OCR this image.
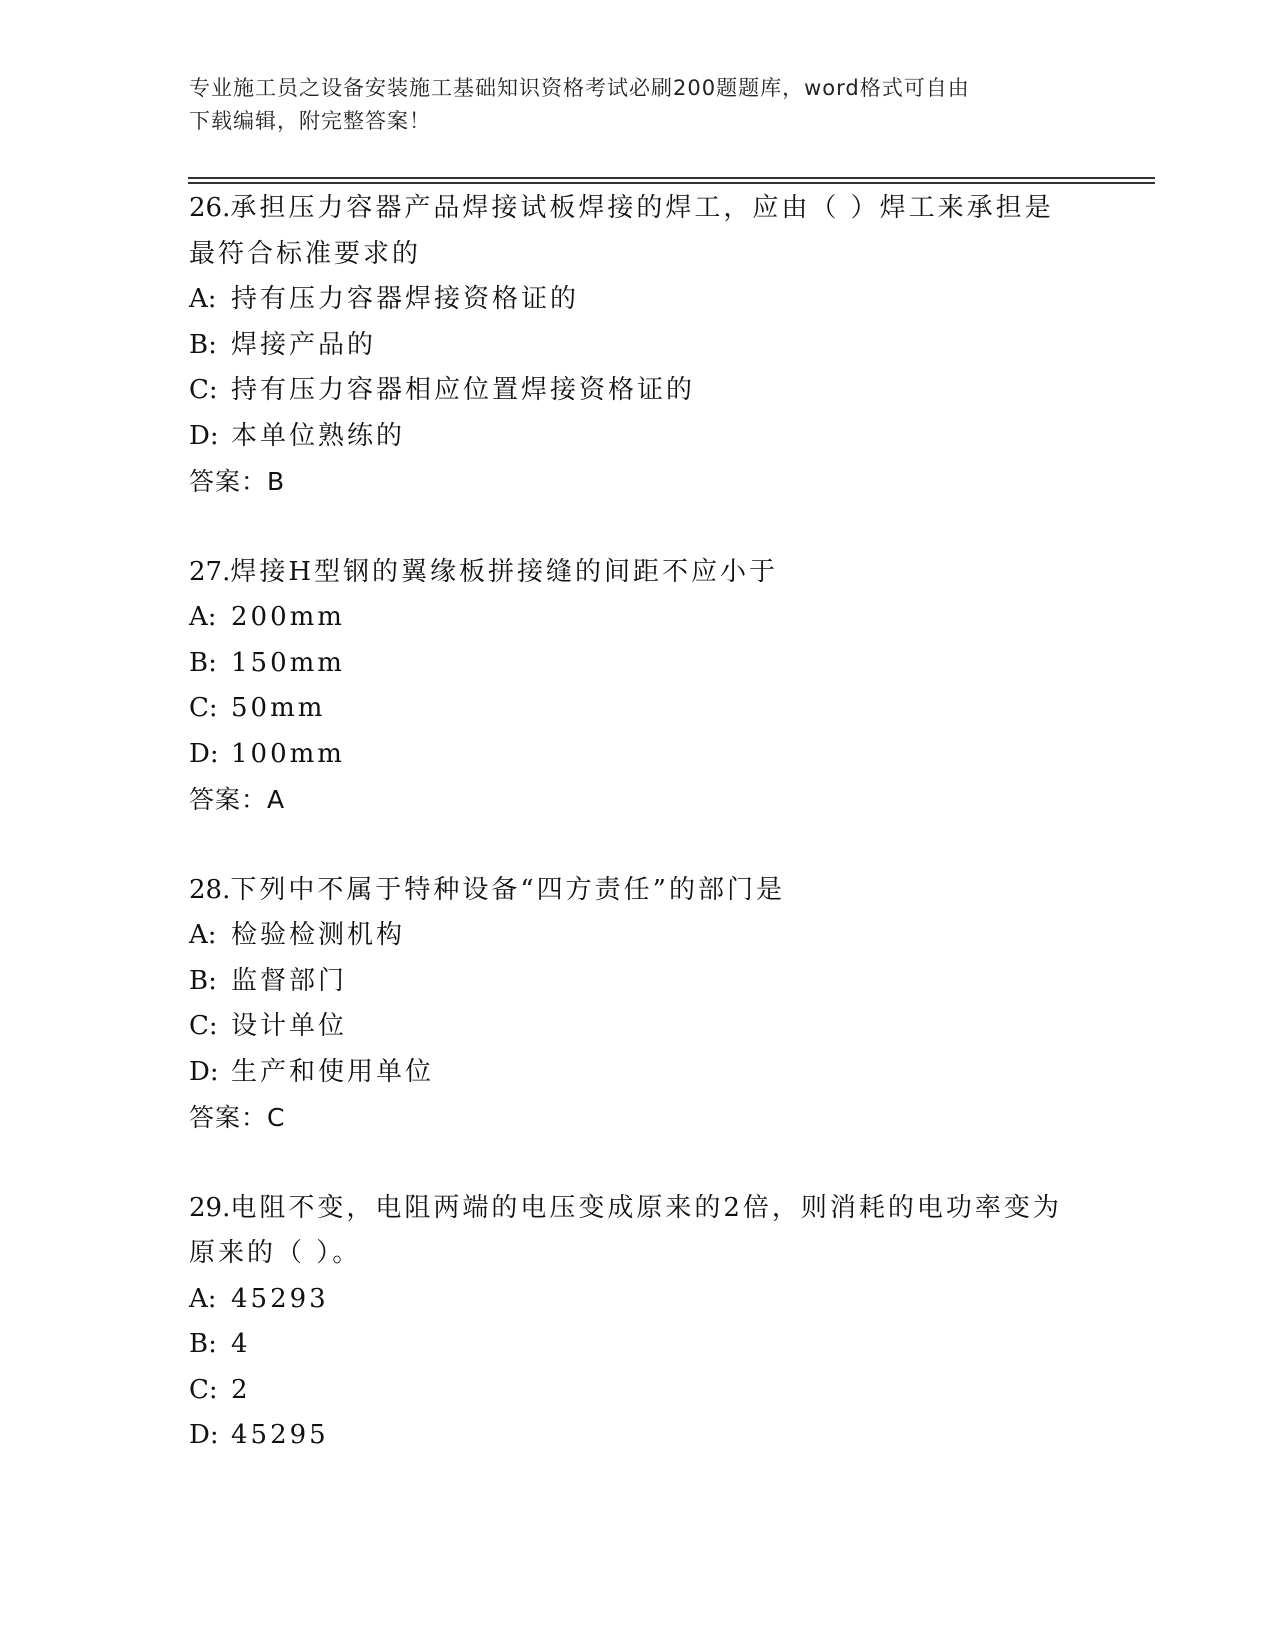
专业施工员之设备安装施工基础知识资格考试必刷200题题库，word格式可自由
下载编辑，附完整答案！
26.承担压力容器产品焊接试板焊接的焊工，应由（ ）焊工来承担是
最符合标准要求的
A: 持有压力容器焊接资格证的
B: 焊接产品的
C: 持有压力容器相应位置焊接资格证的
D: 本单位熟练的
答案：B
27.焊接H型钢的翼缘板拼接缝的间距不应小于
A: 200mm
B: 150mm
C: 50mm
D: 100mm
答案：A
28.下列中不属于特种设备“四方责任”的部门是
A: 检验检测机构
B: 监督部门
C: 设计单位
D: 生产和使用单位
答案：C
29.电阻不变，电阻两端的电压变成原来的2倍，则消耗的电功率变为
原来的（ ）。
A: 45293
B: 4
C: 2
D: 45295
